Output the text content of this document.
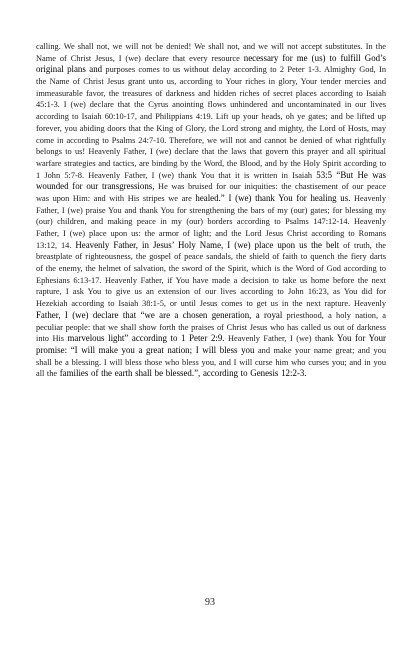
calling. We shall not, we will not be denied! We shall not, and we will not accept substitutes. In the Name of Christ Jesus, I (we) declare that every resource necessary for me (us) to fulfill God’s original plans and purposes comes to us without delay according to 2 Peter 1-3. Almighty God, In the Name of Christ Jesus grant unto us, according to Your riches in glory, Your tender mercies and immeasurable favor, the treasures of darkness and hidden riches of secret places according to Isaiah 45:1-3. I (we) declare that the Cyrus anointing flows unhindered and uncontaminated in our lives according to Isaiah 60:10-17, and Philippians 4:19. Lift up your heads, oh ye gates; and be lifted up forever, you abiding doors that the King of Glory, the Lord strong and mighty, the Lord of Hosts, may come in according to Psalms 24:7-10. Therefore, we will not and cannot be denied of what rightfully belongs to us! Heavenly Father, I (we) declare that the laws that govern this prayer and all spiritual warfare strategies and tactics, are binding by the Word, the Blood, and by the Holy Spirit according to 1 John 5:7-8. Heavenly Father, I (we) thank You that it is written in Isaiah 53:5 “But He was wounded for our transgressions, He was bruised for our iniquities: the chastisement of our peace was upon Him: and with His stripes we are healed.” I (we) thank You for healing us. Heavenly Father, I (we) praise You and thank You for strengthening the bars of my (our) gates; for blessing my (our) children, and making peace in my (our) borders according to Psalms 147:12-14. Heavenly Father, I (we) place upon us: the armor of light; and the Lord Jesus Christ according to Romans 13:12, 14. Heavenly Father, in Jesus’ Holy Name, I (we) place upon us the belt of truth, the breastplate of righteousness, the gospel of peace sandals, the shield of faith to quench the fiery darts of the enemy, the helmet of salvation, the sword of the Spirit, which is the Word of God according to Ephesians 6:13-17. Heavenly Father, if You have made a decision to take us home before the next rapture, I ask You to give us an extension of our lives according to John 16:23, as You did for Hezekiah according to Isaiah 38:1-5, or until Jesus comes to get us in the next rapture. Heavenly Father, I (we) declare that “we are a chosen generation, a royal priesthood, a holy nation, a peculiar people: that we shall show forth the praises of Christ Jesus who has called us out of darkness into His marvelous light” according to 1 Peter 2:9. Heavenly Father, I (we) thank You for Your promise: “I will make you a great nation; I will bless you and make your name great; and you shall be a blessing. I will bless those who bless you, and I will curse him who curses you; and in you all the families of the earth shall be blessed.”, according to Genesis 12:2-3.

93
